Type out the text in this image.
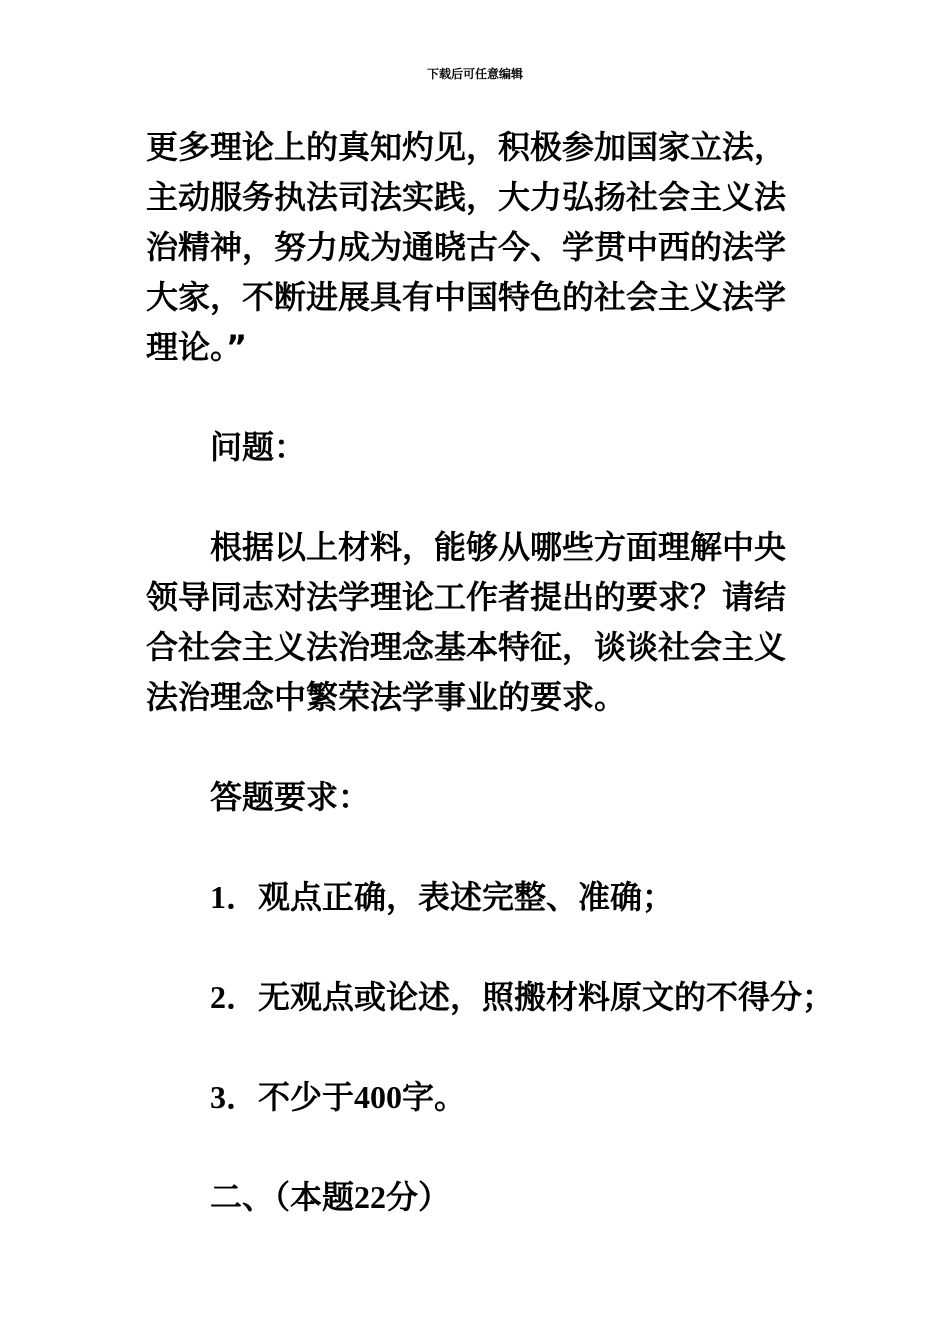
下载后可任意编辑
更多理论上的真知灼见，积极参加国家立法，
主动服务执法司法实践，大力弘扬社会主义法
治精神，努力成为通晓古今、学贯中西的法学
大家，不断进展具有中国特色的社会主义法学
理论。”
问题：
根据以上材料，能够从哪些方面理解中央
领导同志对法学理论工作者提出的要求？请结
合社会主义法治理念基本特征，谈谈社会主义
法治理念中繁荣法学事业的要求。
答题要求：
1．观点正确，表述完整、准确；
2．无观点或论述，照搬材料原文的不得分；
3．不少于400字。
二、（本题22分）
